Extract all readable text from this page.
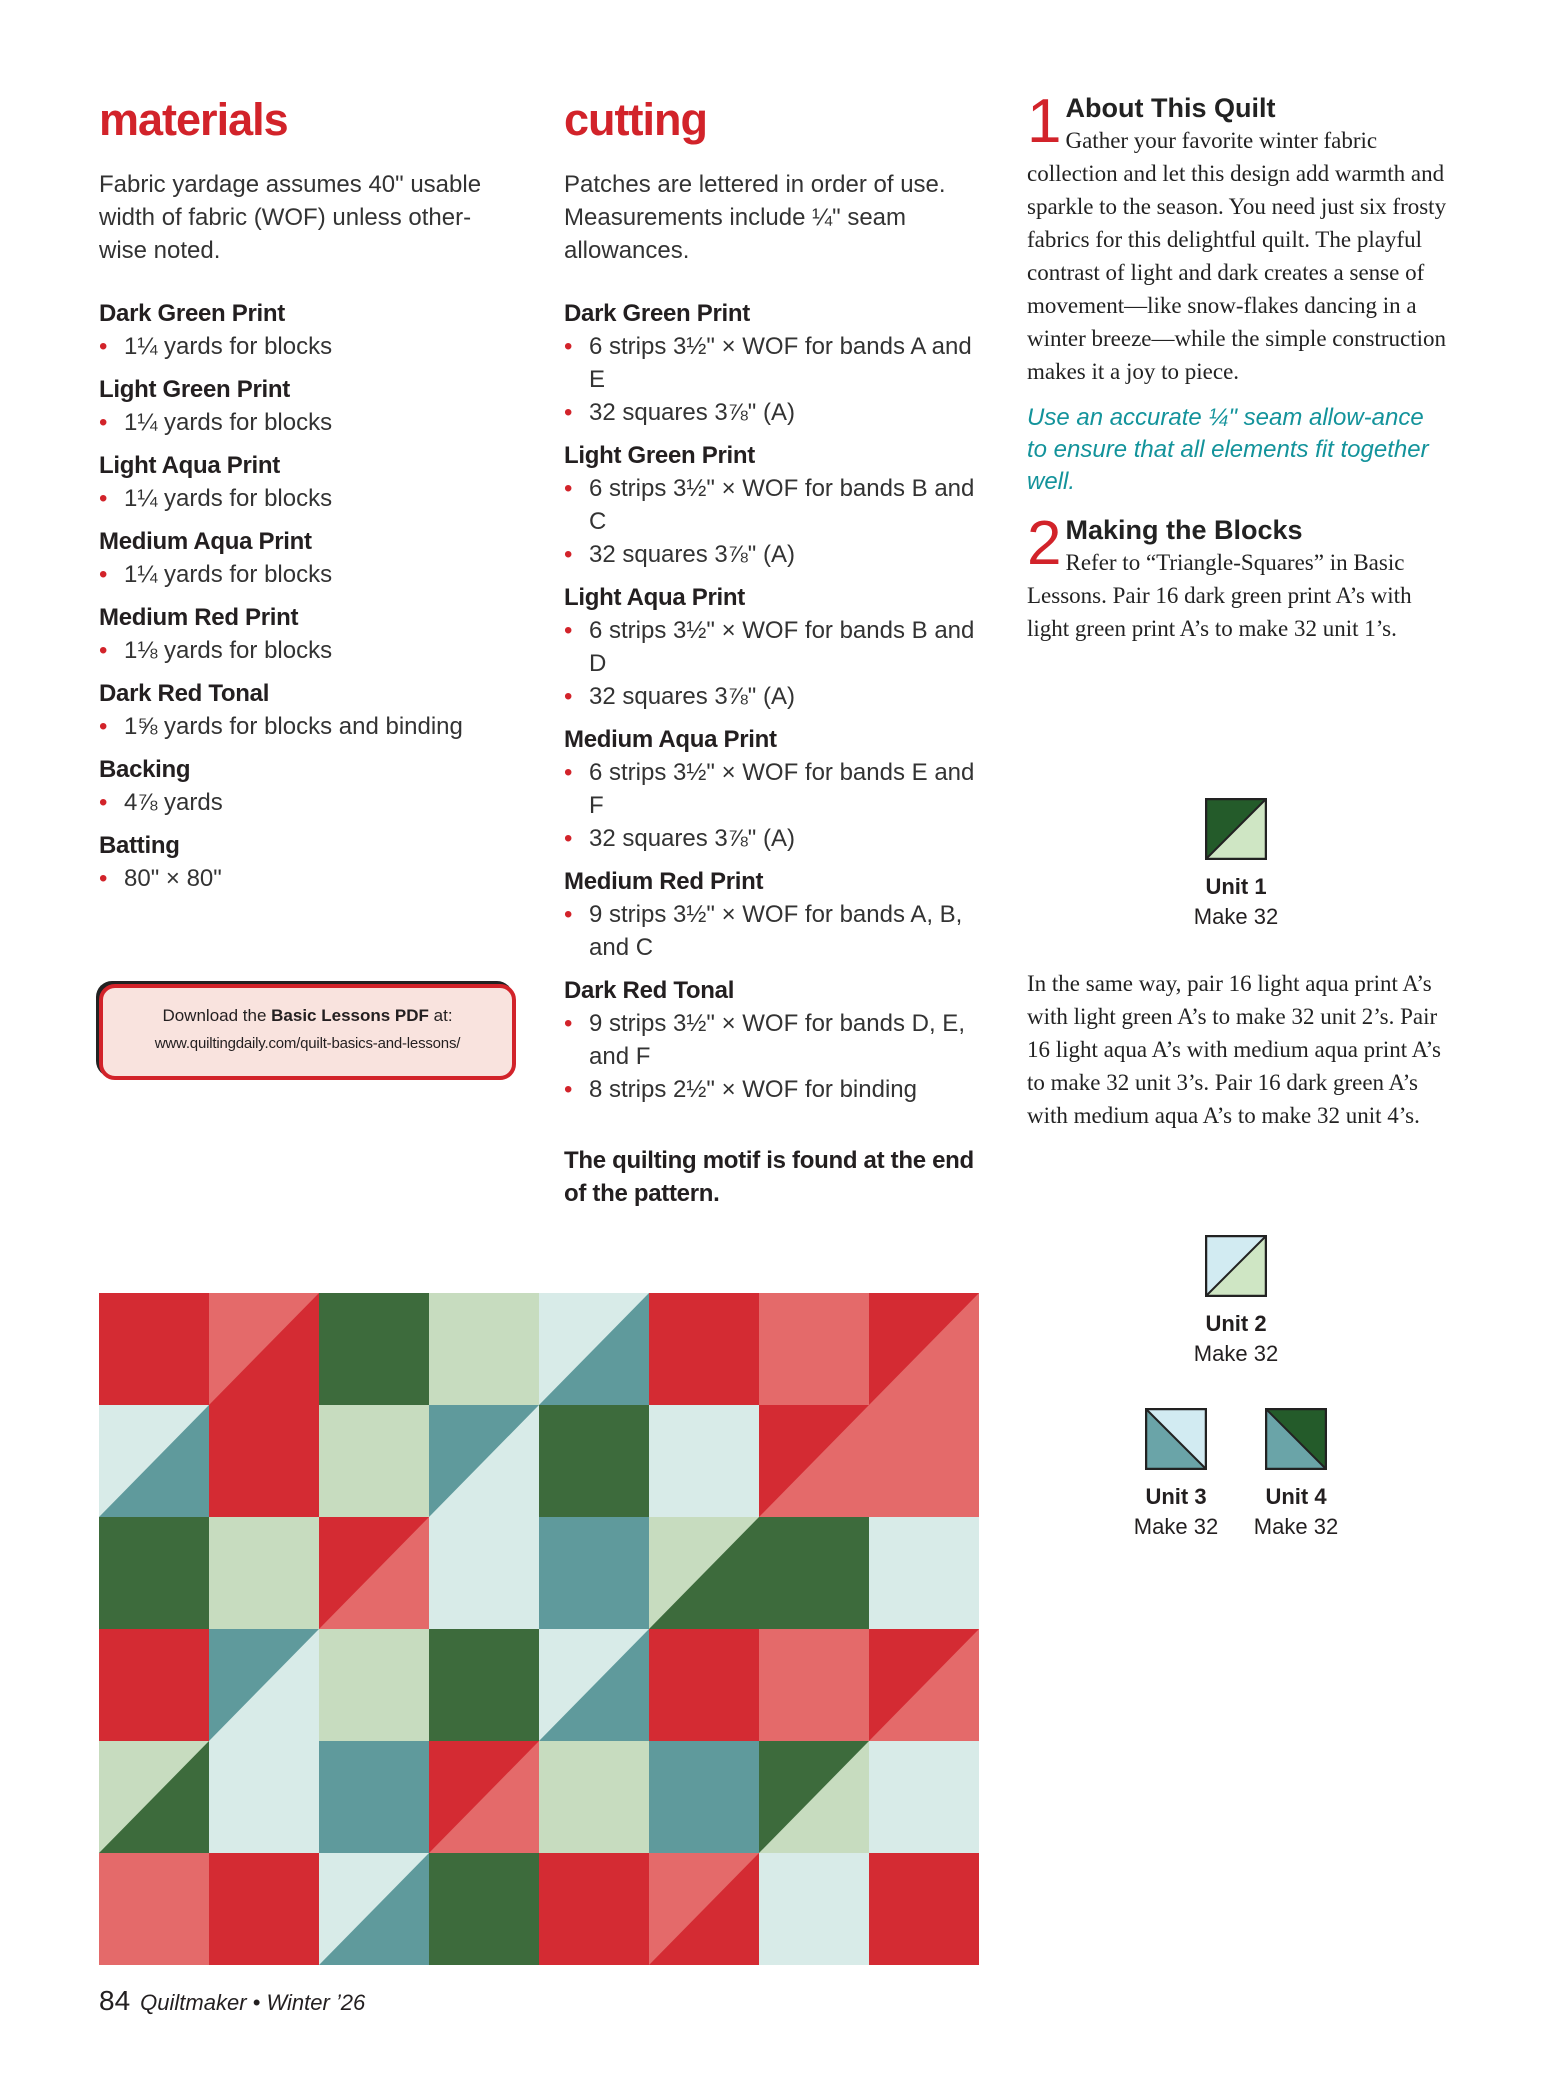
materials

Fabric yardage assumes 40" usable width of fabric (WOF) unless other-wise noted.

Dark Green Print
• 1¼ yards for blocks
Light Green Print
• 1¼ yards for blocks
Light Aqua Print
• 1¼ yards for blocks
Medium Aqua Print
• 1¼ yards for blocks
Medium Red Print
• 1⅛ yards for blocks
Dark Red Tonal
• 1⅝ yards for blocks and binding
Backing
• 4⅞ yards
Batting
• 80" × 80"
Download the Basic Lessons PDF at:
www.quiltingdaily.com/quilt-basics-and-lessons/
cutting

Patches are lettered in order of use. Measurements include ¼" seam allowances.

Dark Green Print
• 6 strips 3½" × WOF for bands A and E
• 32 squares 3⅞" (A)
Light Green Print
• 6 strips 3½" × WOF for bands B and C
• 32 squares 3⅞" (A)
Light Aqua Print
• 6 strips 3½" × WOF for bands B and D
• 32 squares 3⅞" (A)
Medium Aqua Print
• 6 strips 3½" × WOF for bands E and F
• 32 squares 3⅞" (A)
Medium Red Print
• 9 strips 3½" × WOF for bands A, B, and C
Dark Red Tonal
• 9 strips 3½" × WOF for bands D, E, and F
• 8 strips 2½" × WOF for binding

The quilting motif is found at the end of the pattern.

1 About This Quilt
Gather your favorite winter fabric collection and let this design add warmth and sparkle to the season. You need just six frosty fabrics for this delightful quilt. The playful contrast of light and dark creates a sense of movement—like snow-flakes dancing in a winter breeze—while the simple construction makes it a joy to piece.

Use an accurate ¼" seam allow-ance to ensure that all elements fit together well.

2 Making the Blocks
Refer to “Triangle-Squares” in Basic Lessons. Pair 16 dark green print A’s with light green print A’s to make 32 unit 1’s.

In the same way, pair 16 light aqua print A’s with light green A’s to make 32 unit 2’s. Pair 16 light aqua A’s with medium aqua print A’s to make 32 unit 3’s. Pair 16 dark green A’s with medium aqua A’s to make 32 unit 4’s.

Unit 1
Make 32
Unit 2
Make 32
Unit 3
Make 32
Unit 4
Make 32
84 Quiltmaker • Winter ’26
